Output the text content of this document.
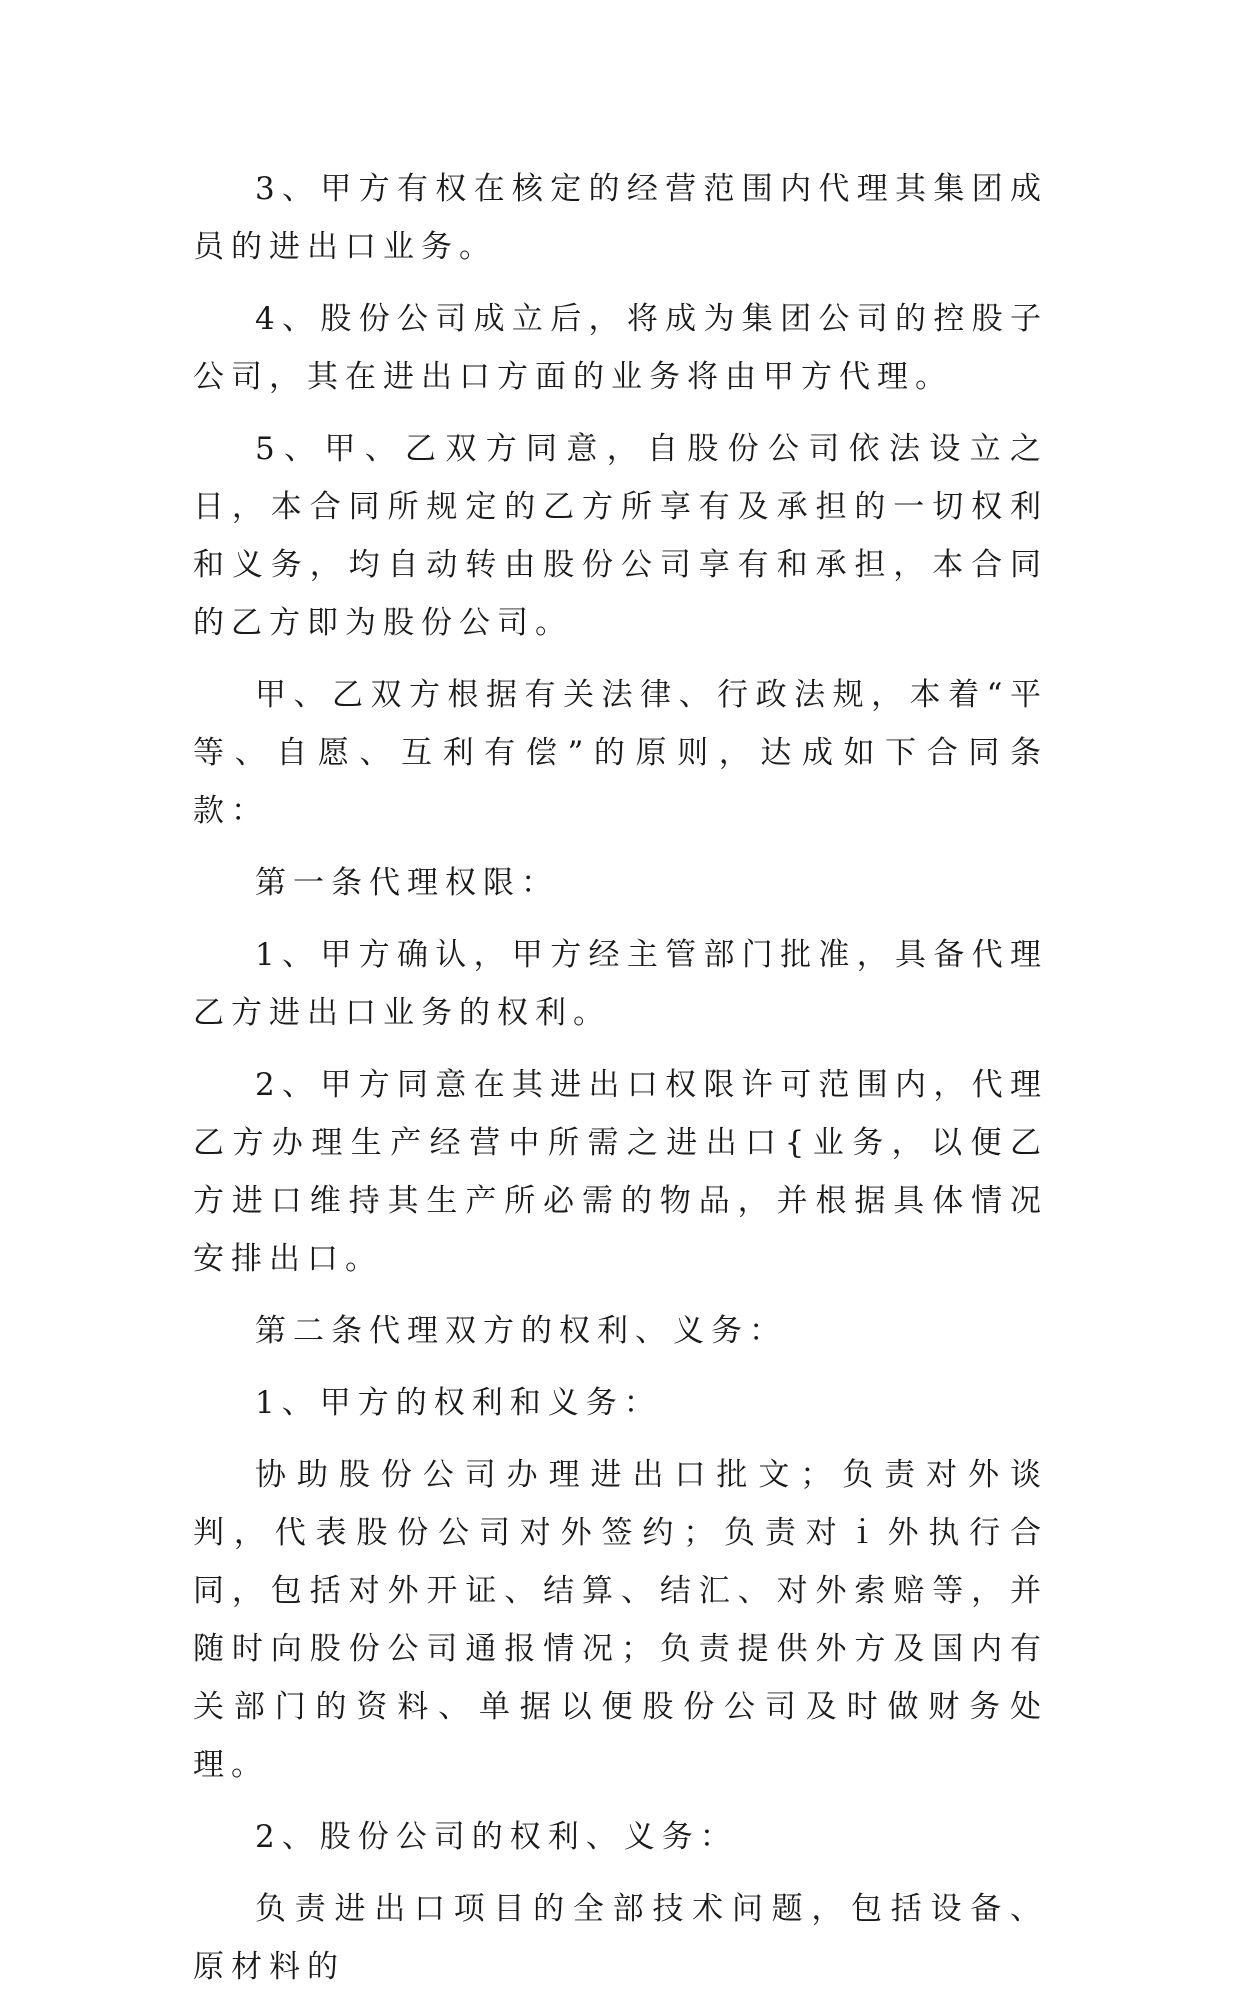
3、甲方有权在核定的经营范围内代理其集团成员的进出口业务。

4、股份公司成立后，将成为集团公司的控股子公司，其在进出口方面的业务将由甲方代理。

5、甲、乙双方同意，自股份公司依法设立之日，本合同所规定的乙方所享有及承担的一切权利和义务，均自动转由股份公司享有和承担，本合同的乙方即为股份公司。

甲、乙双方根据有关法律、行政法规，本着“平等、自愿、互利有偿”的原则，达成如下合同条款：

第一条代理权限：

1、甲方确认，甲方经主管部门批准，具备代理乙方进出口业务的权利。

2、甲方同意在其进出口权限许可范围内，代理乙方办理生产经营中所需之进出口{业务，以便乙方进口维持其生产所必需的物品，并根据具体情况安排出口。

第二条代理双方的权利、义务：

1、甲方的权利和义务：

协助股份公司办理进出口批文；负责对外谈判，代表股份公司对外签约；负责对ｉ外执行合同，包括对外开证、结算、结汇、对外索赔等，并随时向股份公司通报情况；负责提供外方及国内有关部门的资料、单据以便股份公司及时做财务处理。

2、股份公司的权利、义务：

负责进出口项目的全部技术问题，包括设备、原材料的
